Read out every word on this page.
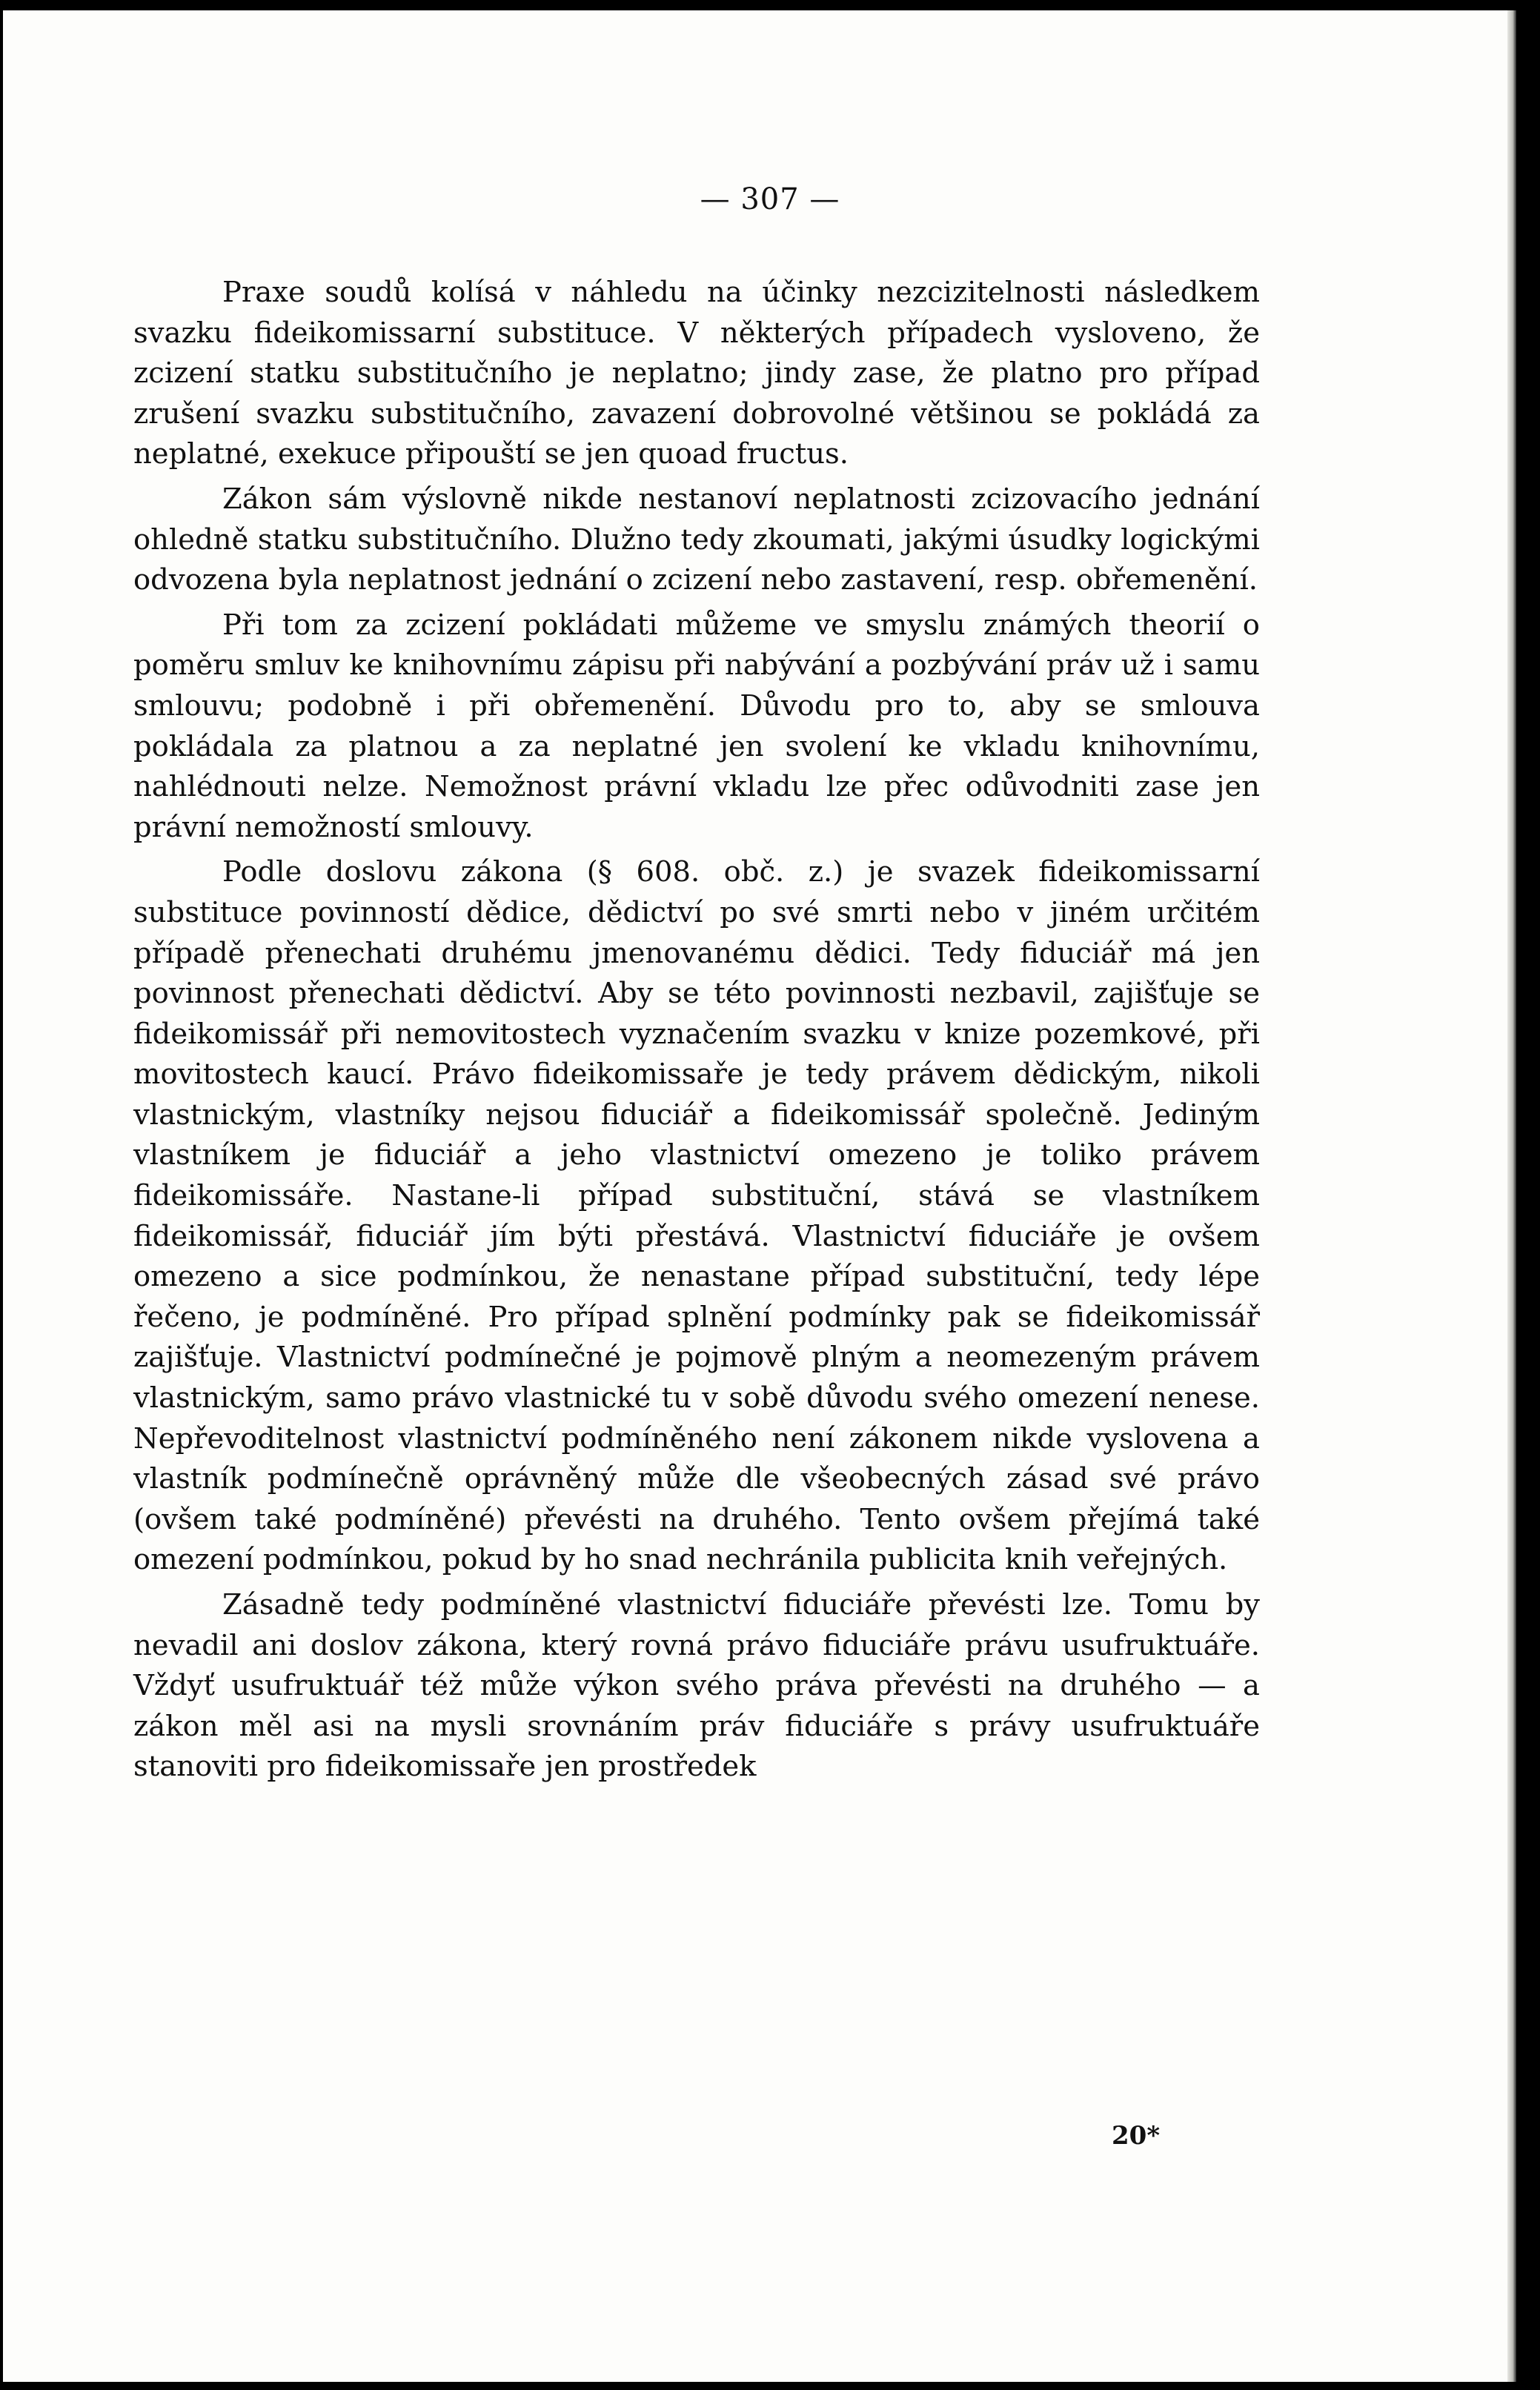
— 307 —

Praxe soudů kolísá v náhledu na účinky nezcizitelnosti následkem svazku fideikomissarní substituce. V některých případech vysloveno, že zcizení statku substitučního je neplatno; jindy zase, že platno pro případ zrušení svazku substitučního, zavazení dobrovolné většinou se pokládá za neplatné, exekuce připouští se jen quoad fructus.

Zákon sám výslovně nikde nestanoví neplatnosti zcizovacího jednání ohledně statku substitučního. Dlužno tedy zkoumati, jakými úsudky logickými odvozena byla neplatnost jednání o zcizení nebo zastavení, resp. obřemenění.

Při tom za zcizení pokládati můžeme ve smyslu známých theorií o poměru smluv ke knihovnímu zápisu při nabývání a pozbývání práv už i samu smlouvu; podobně i při obřemenění. Důvodu pro to, aby se smlouva pokládala za platnou a za neplatné jen svolení ke vkladu knihovnímu, nahlédnouti nelze. Nemožnost právní vkladu lze přec odůvodniti zase jen právní nemožností smlouvy.

Podle doslovu zákona (§ 608. obč. z.) je svazek fideikomissarní substituce povinností dědice, dědictví po své smrti nebo v jiném určitém případě přenechati druhému jmenovanému dědici. Tedy fiduciář má jen povinnost přenechati dědictví. Aby se této povinnosti nezbavil, zajišťuje se fideikomissář při nemovitostech vyznačením svazku v knize pozemkové, při movitostech kaucí. Právo fideikomissaře je tedy právem dědickým, nikoli vlastnickým, vlastníky nejsou fiduciář a fideikomissář společně. Jediným vlastníkem je fiduciář a jeho vlastnictví omezeno je toliko právem fideikomissáře. Nastane-li případ substituční, stává se vlastníkem fideikomissář, fiduciář jím býti přestává. Vlastnictví fiduciáře je ovšem omezeno a sice podmínkou, že nenastane případ substituční, tedy lépe řečeno, je podmíněné. Pro případ splnění podmínky pak se fideikomissář zajišťuje. Vlastnictví podmínečné je pojmově plným a neomezeným právem vlastnickým, samo právo vlastnické tu v sobě důvodu svého omezení nenese. Nepřevoditelnost vlastnictví podmíněného není zákonem nikde vyslovena a vlastník podmínečně oprávněný může dle všeobecných zásad své právo (ovšem také podmíněné) převésti na druhého. Tento ovšem přejímá také omezení podmínkou, pokud by ho snad nechránila publicita knih veřejných.

Zásadně tedy podmíněné vlastnictví fiduciáře převésti lze. Tomu by nevadil ani doslov zákona, který rovná právo fiduciáře právu usufruktuáře. Vždyť usufruktuář též může výkon svého práva převésti na druhého — a zákon měl asi na mysli srovnáním práv fiduciáře s právy usufruktuáře stanoviti pro fideikomissaře jen prostředek

20*
